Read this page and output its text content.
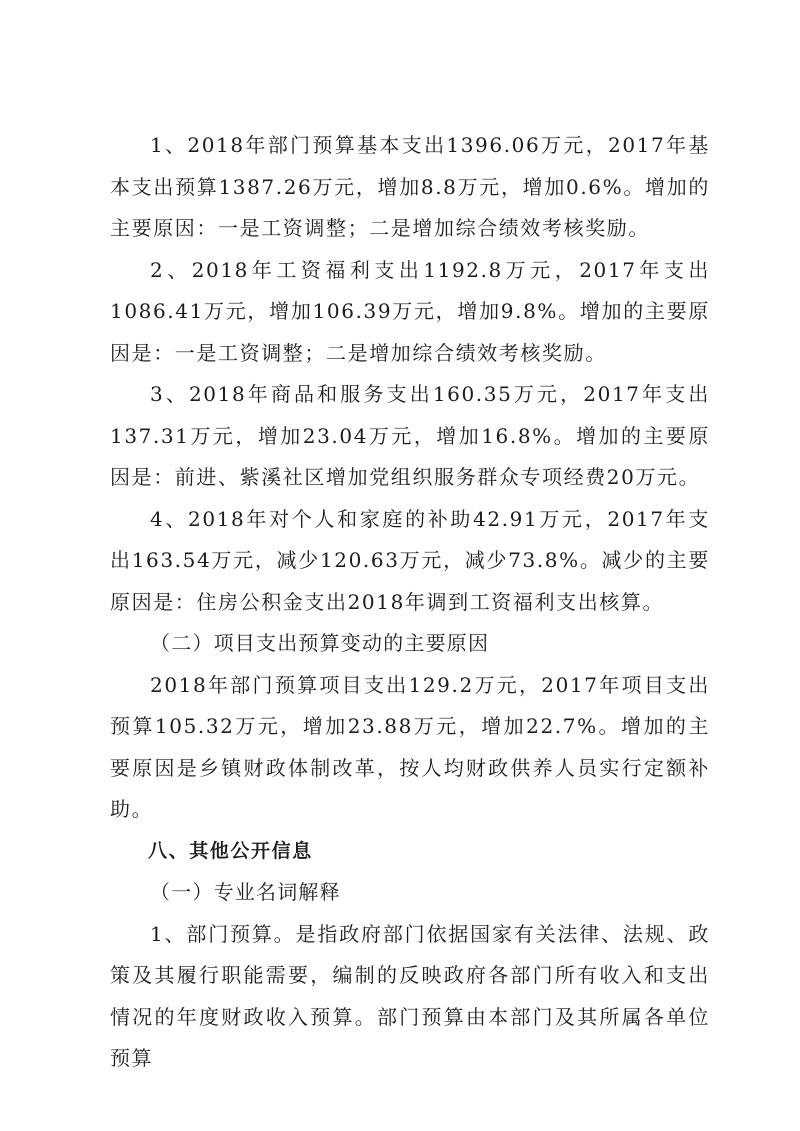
1、2018年部门预算基本支出1396.06万元，2017年基本支出预算1387.26万元，增加8.8万元，增加0.6%。增加的主要原因：一是工资调整；二是增加综合绩效考核奖励。

2、2018年工资福利支出1192.8万元，2017年支出1086.41万元，增加106.39万元，增加9.8%。增加的主要原因是：一是工资调整；二是增加综合绩效考核奖励。

3、2018年商品和服务支出160.35万元，2017年支出137.31万元，增加23.04万元，增加16.8%。增加的主要原因是：前进、紫溪社区增加党组织服务群众专项经费20万元。

4、2018年对个人和家庭的补助42.91万元，2017年支出163.54万元，减少120.63万元，减少73.8%。减少的主要原因是：住房公积金支出2018年调到工资福利支出核算。

（二）项目支出预算变动的主要原因

2018年部门预算项目支出129.2万元，2017年项目支出预算105.32万元，增加23.88万元，增加22.7%。增加的主要原因是乡镇财政体制改革，按人均财政供养人员实行定额补助。

八、其他公开信息

（一）专业名词解释

1、部门预算。是指政府部门依据国家有关法律、法规、政策及其履行职能需要，编制的反映政府各部门所有收入和支出情况的年度财政收入预算。部门预算由本部门及其所属各单位预算
